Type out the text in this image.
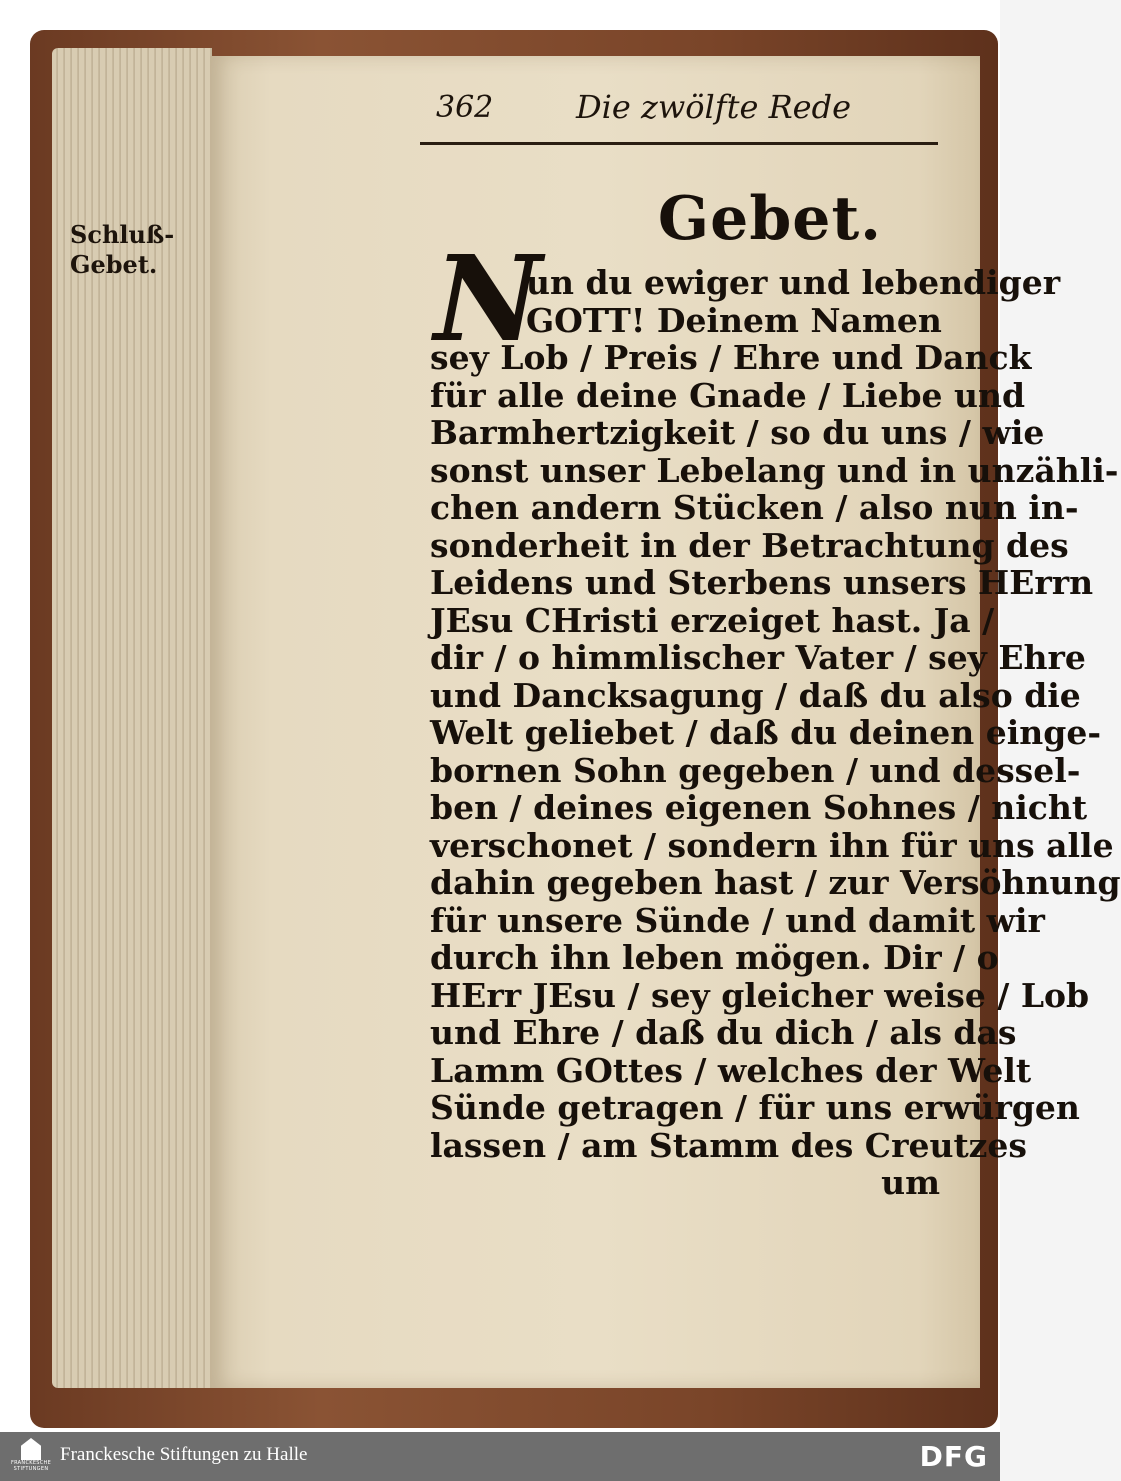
362	Die zwölfte Rede
Gebet.
N
un du ewiger und lebendiger
GOTT! Deinem Namen
sey Lob / Preis / Ehre und Danck
für alle deine Gnade / Liebe und
Barmhertzigkeit / so du uns / wie
sonst unser Lebelang und in unzähli-
chen andern Stücken / also nun in-
sonderheit in der Betrachtung des
Leidens und Sterbens unsers HErrn
JEsu CHristi erzeiget hast. Ja /
dir / o himmlischer Vater / sey Ehre
und Dancksagung / daß du also die
Welt geliebet / daß du deinen einge-
bornen Sohn gegeben / und dessel-
ben / deines eigenen Sohnes / nicht
verschonet / sondern ihn für uns alle
dahin gegeben hast / zur Versöhnung
für unsere Sünde / und damit wir
durch ihn leben mögen. Dir / o
HErr JEsu / sey gleicher weise / Lob
und Ehre / daß du dich / als das
Lamm GOttes / welches der Welt
Sünde getragen / für uns erwürgen
lassen / am Stamm des Creutzes
um
Schluß-Gebet.
FRANCKESCHE STIFTUNGEN
Franckesche Stiftungen zu Halle	DFG
